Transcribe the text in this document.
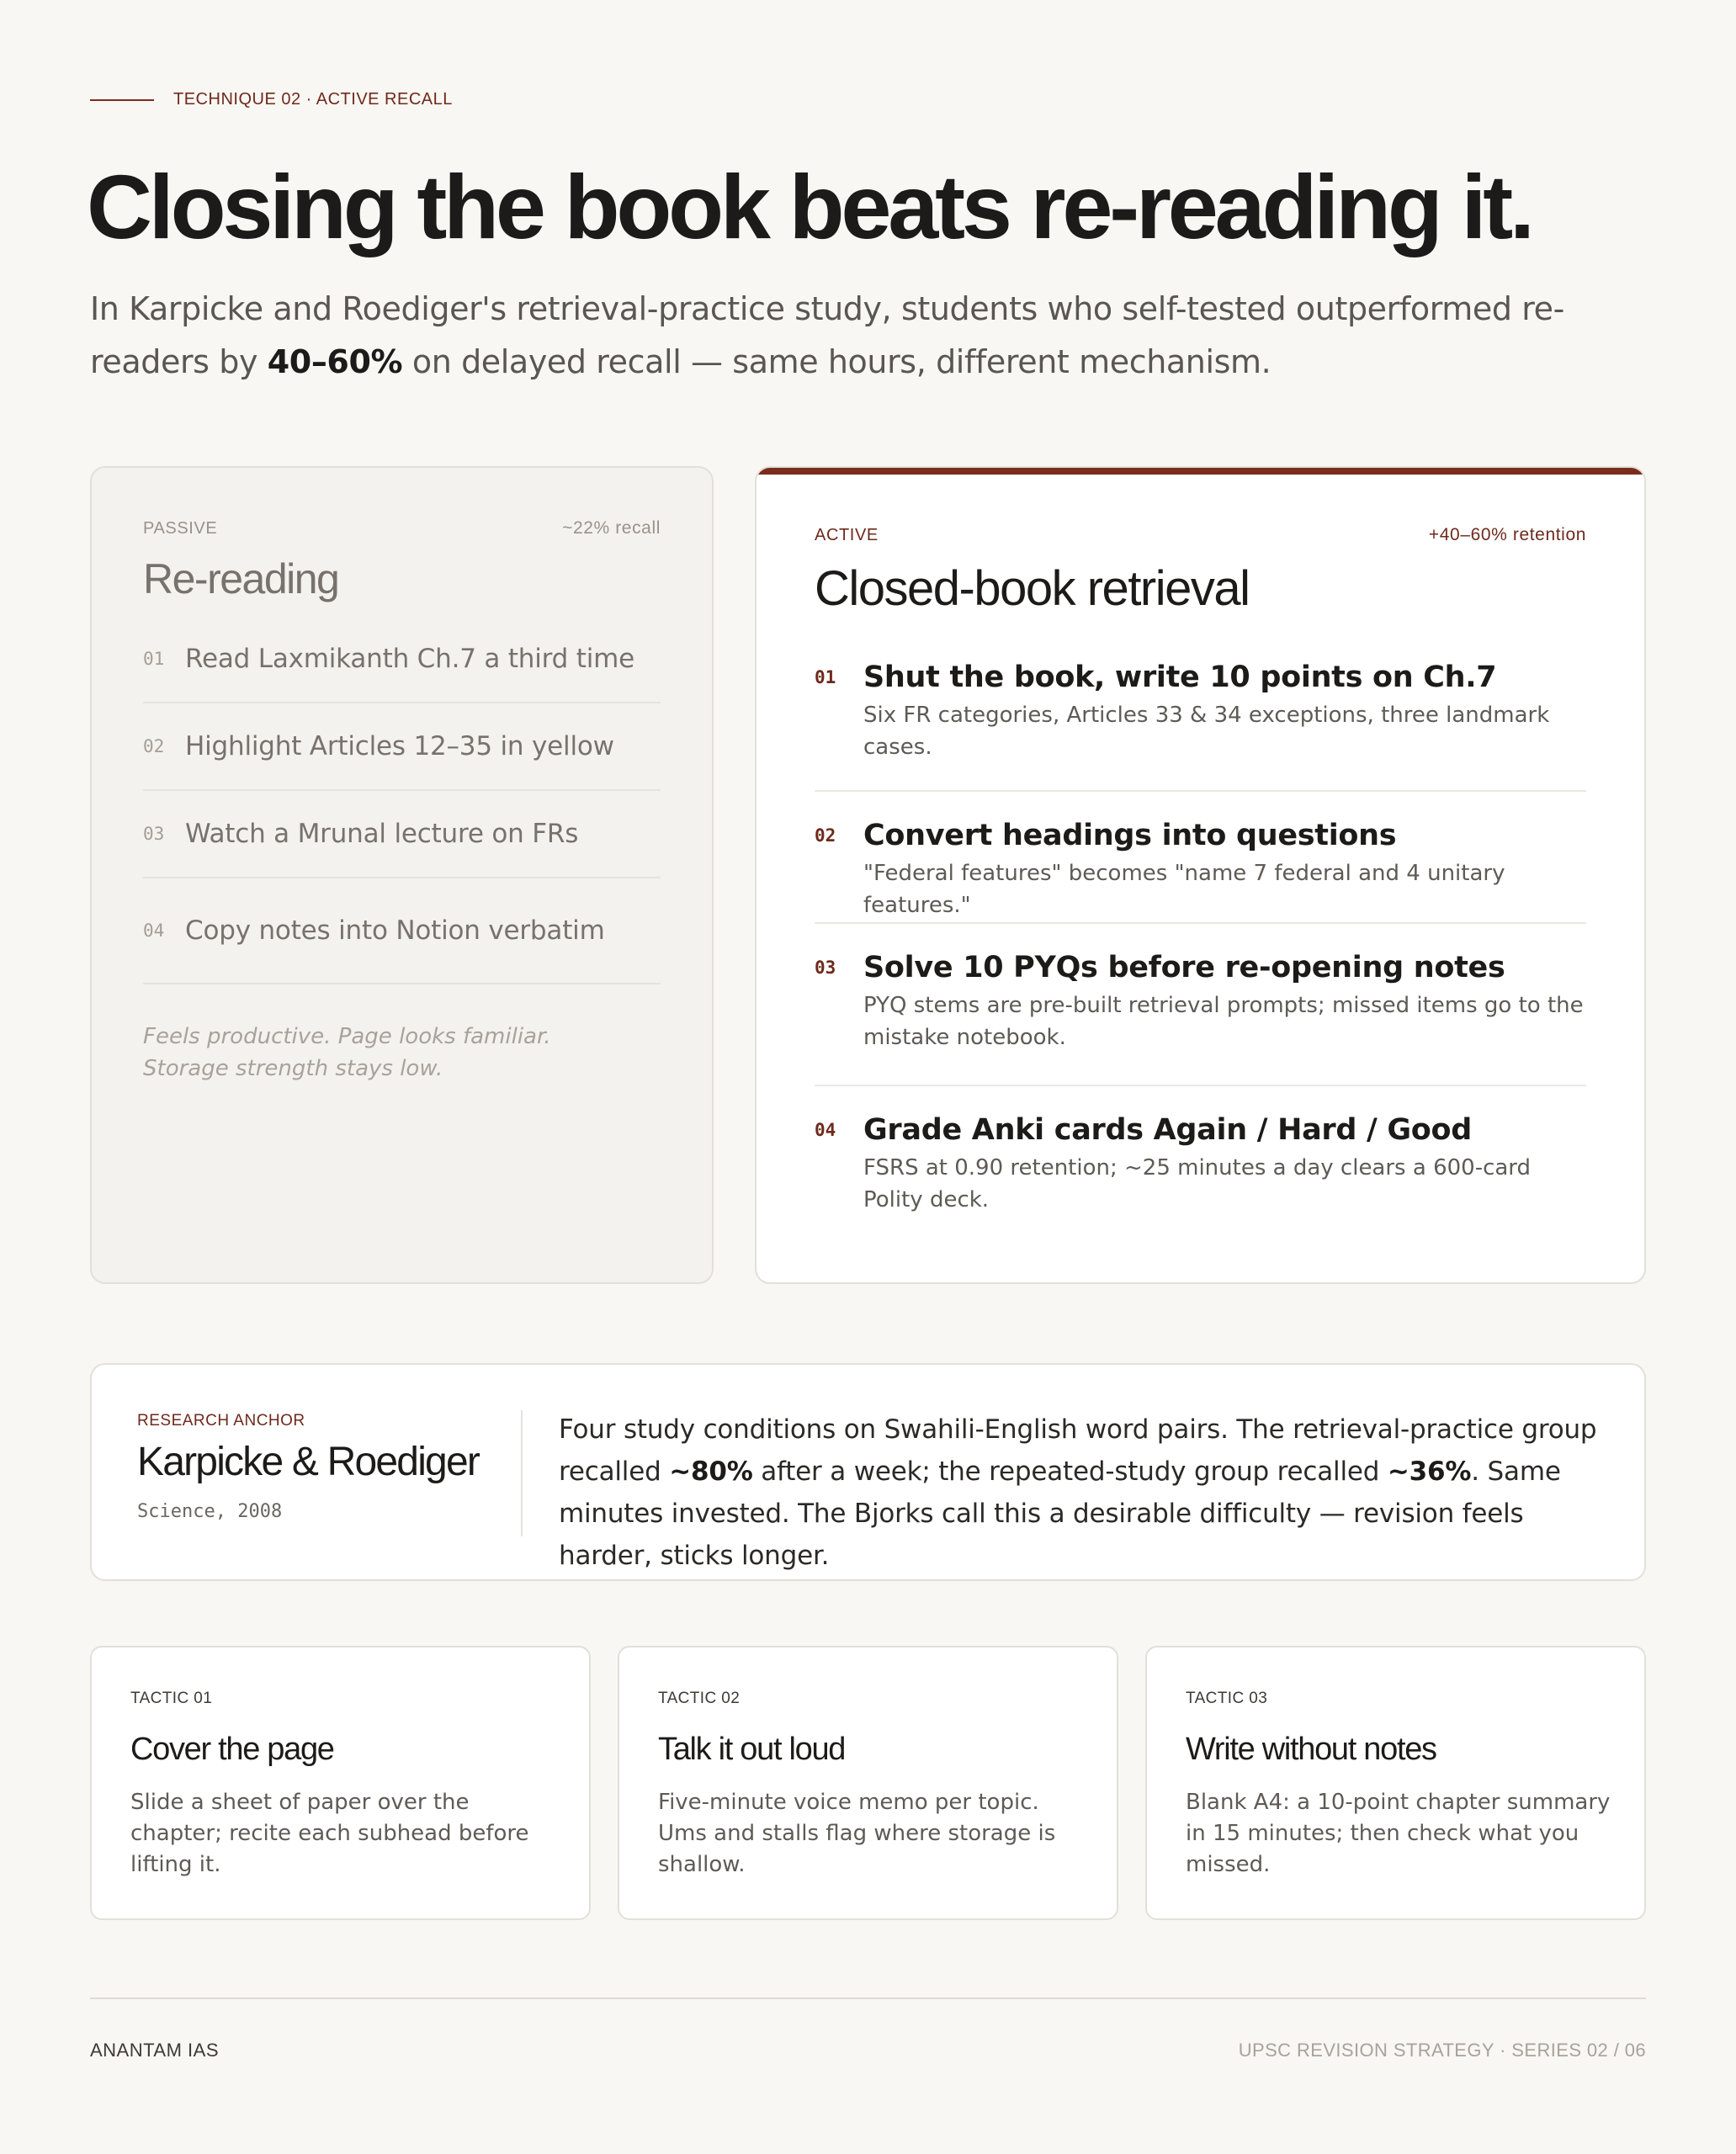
TECHNIQUE 02 · ACTIVE RECALL
Closing the book beats re-reading it.

In Karpicke and Roediger's retrieval-practice study, students who self-tested outperformed re-readers by 40–60% on delayed recall — same hours, different mechanism.

PASSIVE	~22% recall
Re-reading
01 Read Laxmikanth Ch.7 a third time
02 Highlight Articles 12–35 in yellow
03 Watch a Mrunal lecture on FRs
04 Copy notes into Notion verbatim

Feels productive. Page looks familiar. Storage strength stays low.

ACTIVE	+40–60% retention
Closed-book retrieval
01 Shut the book, write 10 points on Ch.7
Six FR categories, Articles 33 & 34 exceptions, three landmark cases.
02 Convert headings into questions
"Federal features" becomes "name 7 federal and 4 unitary features."
03 Solve 10 PYQs before re-opening notes
PYQ stems are pre-built retrieval prompts; missed items go to the mistake notebook.
04 Grade Anki cards Again / Hard / Good
FSRS at 0.90 retention; ~25 minutes a day clears a 600-card Polity deck.
RESEARCH ANCHOR
Karpicke & Roediger
Science, 2008

Four study conditions on Swahili-English word pairs. The retrieval-practice group recalled ~80% after a week; the repeated-study group recalled ~36%. Same minutes invested. The Bjorks call this a desirable difficulty — revision feels harder, sticks longer.

TACTIC 01
Cover the page

Slide a sheet of paper over the chapter; recite each subhead before lifting it.

TACTIC 02
Talk it out loud

Five-minute voice memo per topic. Ums and stalls flag where storage is shallow.

TACTIC 03
Write without notes

Blank A4: a 10-point chapter summary in 15 minutes; then check what you missed.

ANANTAM IAS	UPSC REVISION STRATEGY · SERIES 02 / 06
